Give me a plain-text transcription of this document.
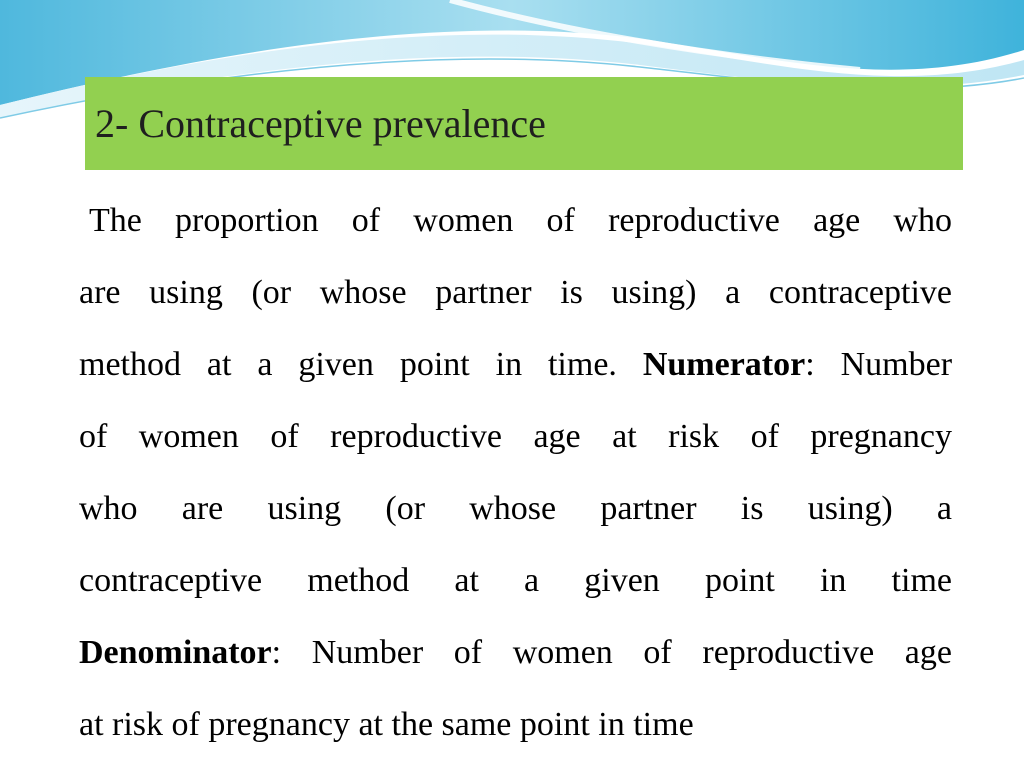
2- Contraceptive prevalence
The proportion of women of reproductive age who
are using (or whose partner is using) a contraceptive
method at a given point in time. Numerator: Number
of women of reproductive age at risk of pregnancy
who are using (or whose partner is using) a
contraceptive method at a given point in time
Denominator: Number of women of reproductive age
at risk of pregnancy at the same point in time
